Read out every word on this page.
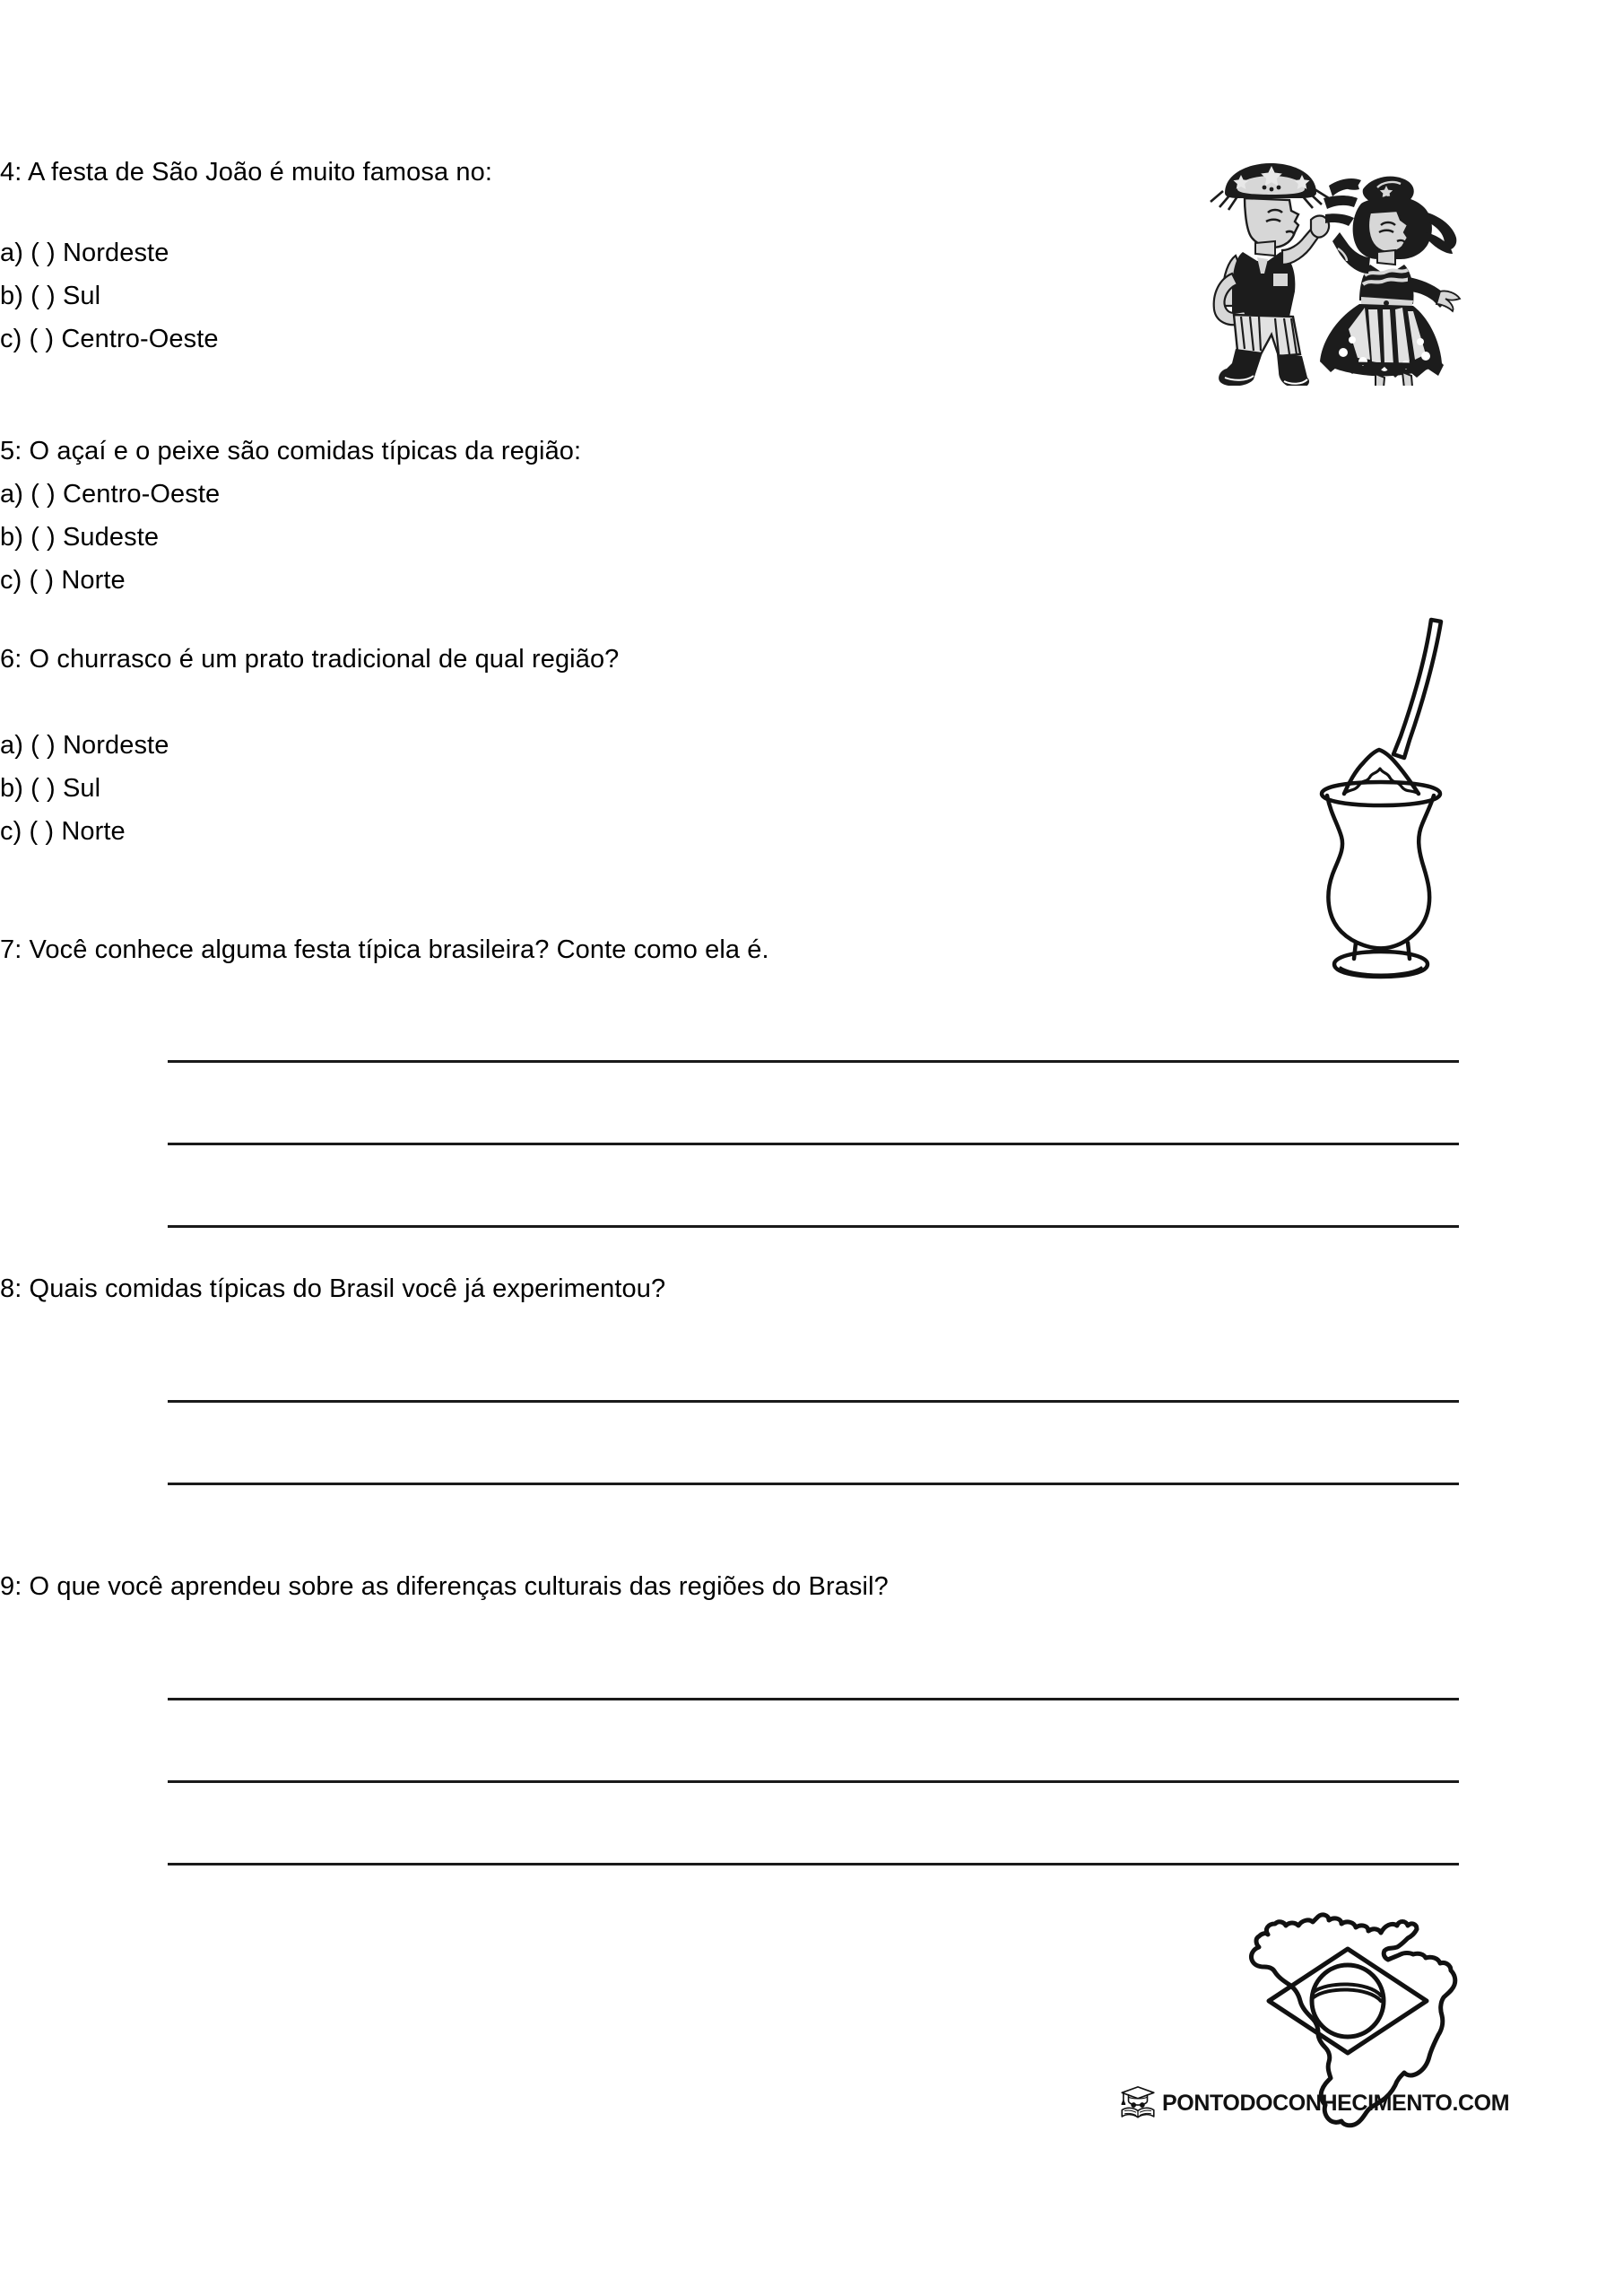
4: A festa de São João é muito famosa no:
a) ( ) Nordeste
b) ( ) Sul
c) ( ) Centro-Oeste
5: O açaí e o peixe são comidas típicas da região:
a) ( ) Centro-Oeste
b) ( ) Sudeste
c) ( ) Norte
6: O churrasco é um prato tradicional de qual região?
a) ( ) Nordeste
b) ( ) Sul
c) ( ) Norte
7: Você conhece alguma festa típica brasileira? Conte como ela é.
8: Quais comidas típicas do Brasil você já experimentou?
9: O que você aprendeu sobre as diferenças culturais das regiões do Brasil?
PONTODOCONHECIMENTO.COM
